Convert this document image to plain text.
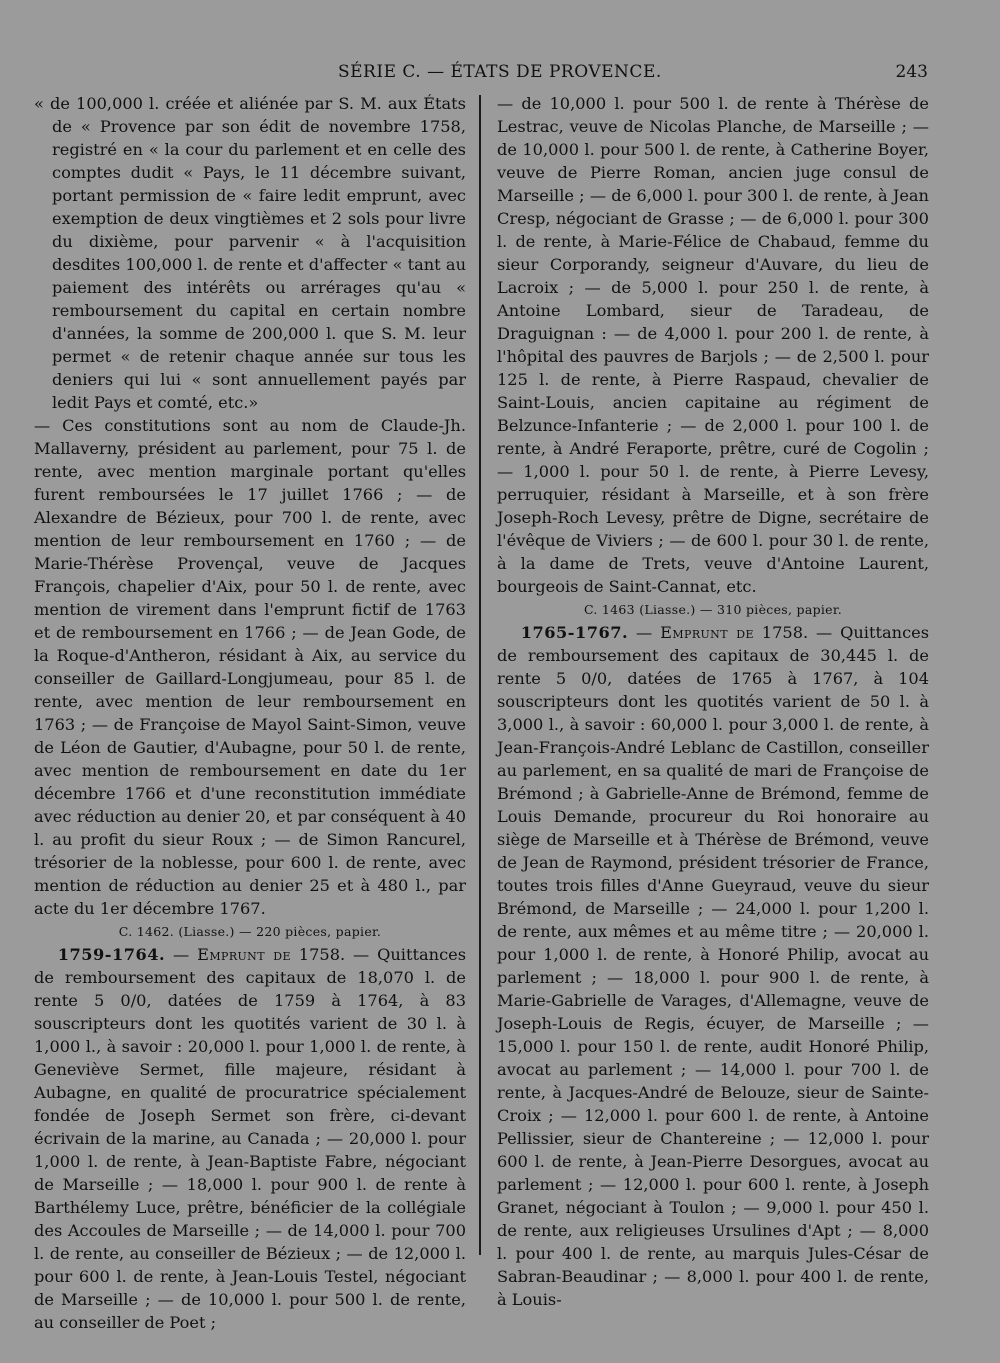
SÉRIE C. — ÉTATS DE PROVENCE.	243

« de 100,000 l. créée et aliénée par S. M. aux États de « Provence par son édit de novembre 1758, registré en « la cour du parlement et en celle des comptes dudit « Pays, le 11 décembre suivant, portant permission de « faire ledit emprunt, avec exemption de deux vingtièmes et 2 sols pour livre du dixième, pour parvenir « à l'acquisition desdites 100,000 l. de rente et d'affecter « tant au paiement des intérêts ou arrérages qu'au « remboursement du capital en certain nombre d'années, la somme de 200,000 l. que S. M. leur permet « de retenir chaque année sur tous les deniers qui lui « sont annuellement payés par ledit Pays et comté, etc.»

— Ces constitutions sont au nom de Claude-Jh. Mallaverny, président au parlement, pour 75 l. de rente, avec mention marginale portant qu'elles furent remboursées le 17 juillet 1766 ; — de Alexandre de Bézieux, pour 700 l. de rente, avec mention de leur remboursement en 1760 ; — de Marie-Thérèse Provençal, veuve de Jacques François, chapelier d'Aix, pour 50 l. de rente, avec mention de virement dans l'emprunt fictif de 1763 et de remboursement en 1766 ; — de Jean Gode, de la Roque-d'Antheron, résidant à Aix, au service du conseiller de Gaillard-Longjumeau, pour 85 l. de rente, avec mention de leur remboursement en 1763 ; — de Françoise de Mayol Saint-Simon, veuve de Léon de Gautier, d'Aubagne, pour 50 l. de rente, avec mention de remboursement en date du 1er décembre 1766 et d'une reconstitution immédiate avec réduction au denier 20, et par conséquent à 40 l. au profit du sieur Roux ; — de Simon Rancurel, trésorier de la noblesse, pour 600 l. de rente, avec mention de réduction au denier 25 et à 480 l., par acte du 1er décembre 1767.

C. 1462. (Liasse.) — 220 pièces, papier.

1759-1764. — Emprunt de 1758. — Quittances de remboursement des capitaux de 18,070 l. de rente 5 0/0, datées de 1759 à 1764, à 83 souscripteurs dont les quotités varient de 30 l. à 1,000 l., à savoir : 20,000 l. pour 1,000 l. de rente, à Geneviève Sermet, fille majeure, résidant à Aubagne, en qualité de procuratrice spécialement fondée de Joseph Sermet son frère, ci-devant écrivain de la marine, au Canada ; — 20,000 l. pour 1,000 l. de rente, à Jean-Baptiste Fabre, négociant de Marseille ; — 18,000 l. pour 900 l. de rente à Barthélemy Luce, prêtre, bénéficier de la collégiale des Accoules de Marseille ; — de 14,000 l. pour 700 l. de rente, au conseiller de Bézieux ; — de 12,000 l. pour 600 l. de rente, à Jean-Louis Testel, négociant de Marseille ; — de 10,000 l. pour 500 l. de rente, au conseiller de Poet ;

— de 10,000 l. pour 500 l. de rente à Thérèse de Lestrac, veuve de Nicolas Planche, de Marseille ; — de 10,000 l. pour 500 l. de rente, à Catherine Boyer, veuve de Pierre Roman, ancien juge consul de Marseille ; — de 6,000 l. pour 300 l. de rente, à Jean Cresp, négociant de Grasse ; — de 6,000 l. pour 300 l. de rente, à Marie-Félice de Chabaud, femme du sieur Corporandy, seigneur d'Auvare, du lieu de Lacroix ; — de 5,000 l. pour 250 l. de rente, à Antoine Lombard, sieur de Taradeau, de Draguignan : — de 4,000 l. pour 200 l. de rente, à l'hôpital des pauvres de Barjols ; — de 2,500 l. pour 125 l. de rente, à Pierre Raspaud, chevalier de Saint-Louis, ancien capitaine au régiment de Belzunce-Infanterie ; — de 2,000 l. pour 100 l. de rente, à André Feraporte, prêtre, curé de Cogolin ; — 1,000 l. pour 50 l. de rente, à Pierre Levesy, perruquier, résidant à Marseille, et à son frère Joseph-Roch Levesy, prêtre de Digne, secrétaire de l'évêque de Viviers ; — de 600 l. pour 30 l. de rente, à la dame de Trets, veuve d'Antoine Laurent, bourgeois de Saint-Cannat, etc.

C. 1463 (Liasse.) — 310 pièces, papier.

1765-1767. — Emprunt de 1758. — Quittances de remboursement des capitaux de 30,445 l. de rente 5 0/0, datées de 1765 à 1767, à 104 souscripteurs dont les quotités varient de 50 l. à 3,000 l., à savoir : 60,000 l. pour 3,000 l. de rente, à Jean-François-André Leblanc de Castillon, conseiller au parlement, en sa qualité de mari de Françoise de Brémond ; à Gabrielle-Anne de Brémond, femme de Louis Demande, procureur du Roi honoraire au siège de Marseille et à Thérèse de Brémond, veuve de Jean de Raymond, président trésorier de France, toutes trois filles d'Anne Gueyraud, veuve du sieur Brémond, de Marseille ; — 24,000 l. pour 1,200 l. de rente, aux mêmes et au même titre ; — 20,000 l. pour 1,000 l. de rente, à Honoré Philip, avocat au parlement ; — 18,000 l. pour 900 l. de rente, à Marie-Gabrielle de Varages, d'Allemagne, veuve de Joseph-Louis de Regis, écuyer, de Marseille ; — 15,000 l. pour 150 l. de rente, audit Honoré Philip, avocat au parlement ; — 14,000 l. pour 700 l. de rente, à Jacques-André de Belouze, sieur de Sainte-Croix ; — 12,000 l. pour 600 l. de rente, à Antoine Pellissier, sieur de Chantereine ; — 12,000 l. pour 600 l. de rente, à Jean-Pierre Desorgues, avocat au parlement ; — 12,000 l. pour 600 l. rente, à Joseph Granet, négociant à Toulon ; — 9,000 l. pour 450 l. de rente, aux religieuses Ursulines d'Apt ; — 8,000 l. pour 400 l. de rente, au marquis Jules-César de Sabran-Beaudinar ; — 8,000 l. pour 400 l. de rente, à Louis-
